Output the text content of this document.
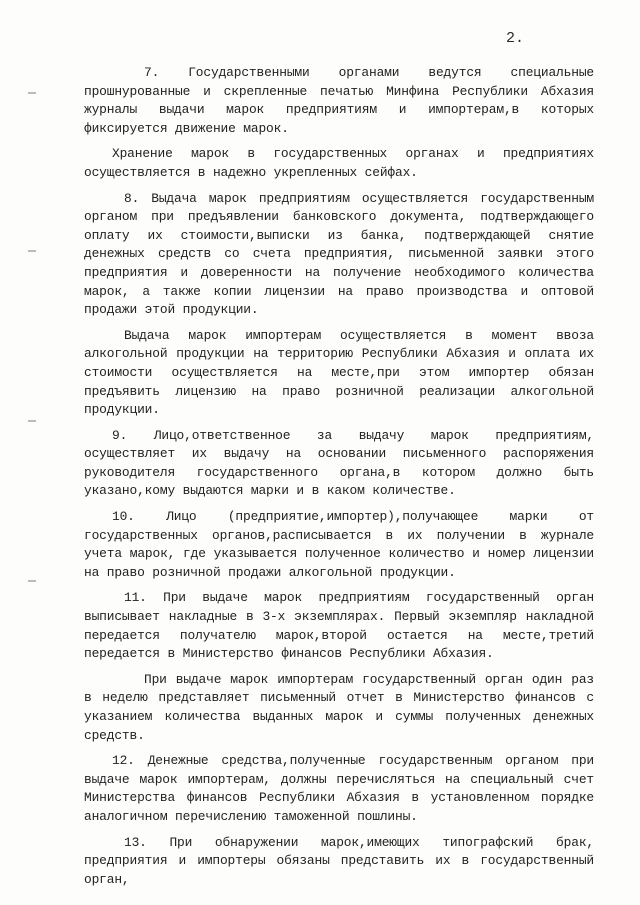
2.

7. Государственными органами ведутся специальные прошнурованные и скрепленные печатью Минфина Республики Абхазия журналы выдачи марок предприятиям и импортерам,в которых фиксируется движение марок.

Хранение марок в государственных органах и предприятиях осуществляется в надежно укрепленных сейфах.

8. Выдача марок предприятиям осуществляется государственным органом при предъявлении банковского документа, подтверждающего оплату их стоимости,выписки из банка, подтверждающей снятие денежных средств со счета предприятия, письменной заявки этого предприятия и доверенности на получение необходимого количества марок, а также копии лицензии на право производства и оптовой продажи этой продукции.

Выдача марок импортерам осуществляется в момент ввоза алкогольной продукции на территорию Республики Абхазия и оплата их стоимости осуществляется на месте,при этом импортер обязан предъявить лицензию на право розничной реализации алкогольной продукции.

9. Лицо,ответственное за выдачу марок предприятиям, осуществляет их выдачу на основании письменного распоряжения руководителя государственного органа,в котором должно быть указано,кому выдаются марки и в каком количестве.

10. Лицо (предприятие,импортер),получающее марки от государственных органов,расписывается в их получении в журнале учета марок, где указывается полученное количество и номер лицензии на право розничной продажи алкогольной продукции.

11. При выдаче марок предприятиям государственный орган выписывает накладные в 3-х экземплярах. Первый экземпляр накладной передается получателю марок,второй остается на месте,третий передается в Министерство финансов Республики Абхазия.

При выдаче марок импортерам государственный орган один раз в неделю представляет письменный отчет в Министерство финансов с указанием количества выданных марок и суммы полученных денежных средств.

12. Денежные средства,полученные государственным органом при выдаче марок импортерам, должны перечисляться на специальный счет Министерства финансов Республики Абхазия в установленном порядке аналогичном перечислению таможенной пошлины.

13. При обнаружении марок,имеющих типографский брак, предприятия и импортеры обязаны представить их в государственный орган,
